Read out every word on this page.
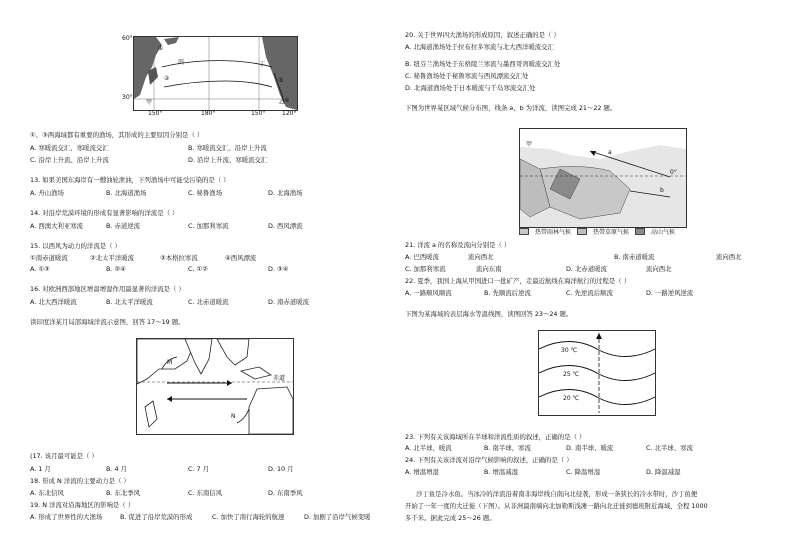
甲	乙
丙	丁
①
②	③
④
60°
30°
150°	180°	150°	120°
①、③两海域都有重要的渔场，其形成的主要原因分别是（ ）
A. 寒暖流交汇、寒暖流交汇	B. 寒暖流交汇、沿岸上升流
C. 沿岸上升流、沿岸上升流	D. 沿岸上升流、寒暖流交汇
13. 如果美国东海岸有一艘油轮泄油，下列渔场中可能受污染的是（ ）
A. 舟山渔场	B. 北海道渔场	C. 秘鲁渔场	D. 北海渔场
14. 对沿岸荒漠环境的形成有显著影响的洋流是（ ）
A. 西澳大利亚寒流	B. 赤道逆流	C. 加那利寒流	D. 西风漂流
15. 以西风为动力的洋流是（ ）
①南赤道暖流	②北太平洋暖流	③本格拉寒流	④西风漂流
A. ①③	B. ②④	C. ①②	D. ③④
16. 对欧洲西部地区增温增湿作用最显著的洋流是（ ）
A. 北大西洋暖流	B. 北太平洋暖流	C. 北赤道暖流	D. 南赤道暖流
读印度洋某月局部海域洋流示意图，回答 17～19 题。
M
N
赤道
(17. 该月最可能是（ ）
A. 1 月	B. 4 月	C. 7 月	D. 10 月
18. 形成 N 洋流的主要动力是（ ）
A. 东北信风	B. 东北季风	C. 东南信风	D. 东南季风
19. N 洋流对沿海地区的影响是（ ）
A. 形成了世界性的大渔场	B. 促进了沿岸荒漠的形成	C. 加快了南行海轮的航速	D. 加剧了沿岸气候变暖
20. 关于世界四大渔场的形成原因，叙述正确的是（ ）
A. 北海道渔场处于拉布拉多寒流与北大西洋暖流交汇
B. 纽芬兰渔场处于东格陵兰寒流与墨西哥湾暖流交汇处
C. 秘鲁渔场处于秘鲁寒流与西风漂流交汇处
D. 北海道渔场处于日本暖流与千岛寒流交汇处
下图为世界某区域气候分布图，线条 a、b 为洋流，读图完成 21～22 题。
甲
a
b
0°
热带雨林气候	热带草原气候	高山气候
21. 洋流 a 的名称及流向分别是（ ）
A. 巴西暖流	流向西北	B. 南赤道暖流	流向西北
C. 加那利寒流	流向东南	D. 北赤道暖流	流向西北
22. 夏季，我国上海从甲国进口一批矿产，走最近航线在海洋航行的过程是（ ）
A. 一路顺风顺流	B. 先顺流后逆流	C. 先逆流后顺流	D. 一路逆风逆流
下图为某海域的表层海水等温线图，读图回答 23～24 题。
30 ℃
25 ℃
20 ℃
23. 下列有关该海域所在半球和洋流性质的叙述，正确的是（ ）
A. 北半球、暖流	B. 南半球、寒流	C. 北半球、寒流
D. 南半球、暖流
24. 下列有关该洋流对沿岸气候影响的叙述，正确的是（ ）
A. 增温增湿	B. 增温减湿	C. 降温增湿	D. 降温减湿
沙丁鱼是冷水鱼。当冰冷的洋流沿着南非海岸线自南向北侵袭，形成一条狭长的冷水带时，沙丁鱼便
开始了一年一度的大迁徙（下图）。从非洲最南端向北加勒斯浅滩一路向北迁徙到德班附近海域，全程 1000
多千米。据此完成 25～26 题。
